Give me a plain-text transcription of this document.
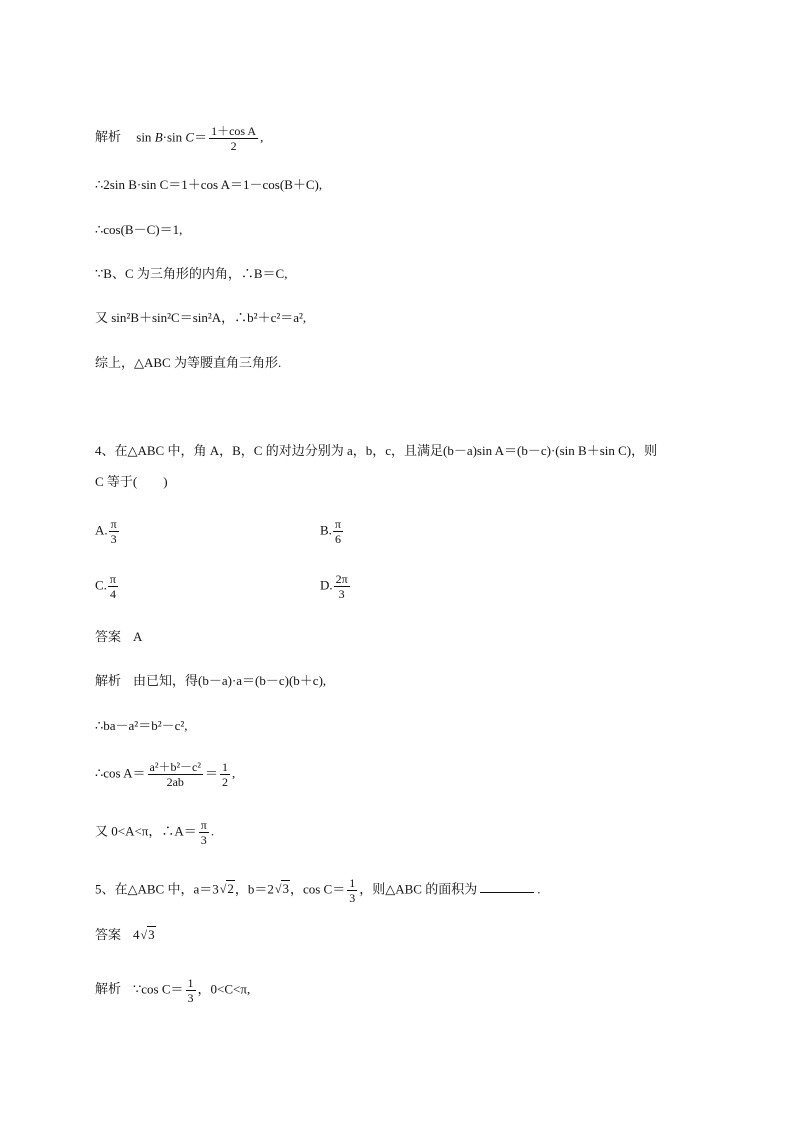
解析 sin B·sin $C= \frac{\text{1＋cos A}}{2}$ ,
∴2sin B·sin C＝1＋cos A＝1－cos(B＋C),
∴cos(B－C)＝1,
∵B、C 为三角形的内角，∴B＝C,
又 sin²B＋sin²C＝sin²A，∴b²＋c²＝a²,
综上，△ABC 为等腰直角三角形.
4、在△ABC 中，角 A，B，C 的对边分别为 a，b，c，且满足(b－a)sin A＝(b－c)·(sin B＋sin C)，则
C 等于(　　)
A. $\frac{\pi}{3}$	B. $\frac{\pi}{6}$
C. $\frac{\pi}{4}$	D. $\frac{2\pi}{3}$
答案 A
解析 由已知，得(b－a)·a＝(b－c)(b＋c),
∴ba－a²＝b²－c²,
∴cos $A= \frac{\text{a²＋b²－c²}}{2ab} = \frac{1}{2}$ ,
又 0<A<π，∴A＝ $\frac{\pi}{3}$ .
5、在△ABC 中，a＝3√2，b＝2√3，$\cos C= \frac{1}{3}$ ，则△ABC 的面积为	.
答案 4√3
解析 ∵cos $C= \frac{1}{3}$ ，0<C<π,
